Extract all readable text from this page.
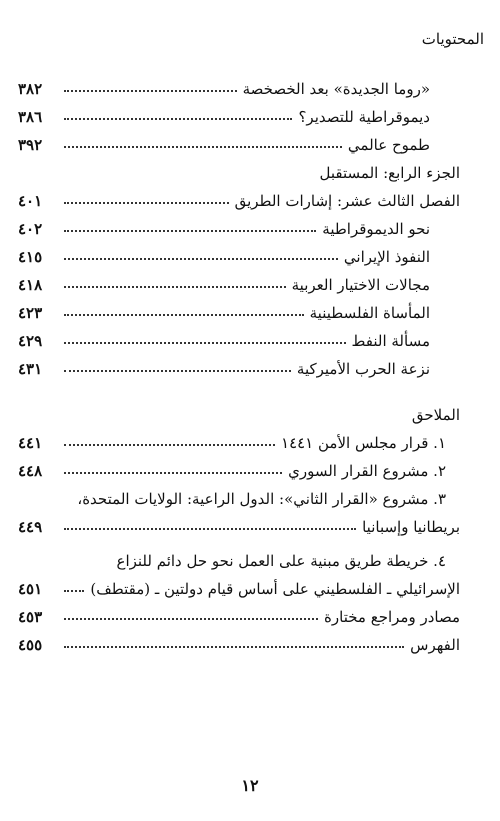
المحتويات
«روما الجديدة» بعد الخصخصة
٣٨٢
ديموقراطية للتصدير؟
٣٨٦
طموح عالمي
٣٩٢
الجزء الرابع: المستقبل
الفصل الثالث عشر: إشارات الطريق
٤٠١
نحو الديموقراطية
٤٠٢
النفوذ الإيراني
٤١٥
مجالات الاختيار العربية
٤١٨
المأساة الفلسطينية
٤٢٣
مسألة النفط
٤٢٩
نزعة الحرب الأميركية
٤٣١
الملاحق
١. قرار مجلس الأمن ١٤٤١
٤٤١
٢. مشروع القرار السوري
٤٤٨
٣. مشروع «القرار الثاني»: الدول الراعية: الولايات المتحدة،
بريطانيا وإسبانيا
٤٤٩
٤. خريطة طريق مبنية على العمل نحو حل دائم للنزاع
الإسرائيلي ـ الفلسطيني على أساس قيام دولتين ـ (مقتطف)
٤٥١
مصادر ومراجع مختارة
٤٥٣
الفهرس
٤٥٥
١٢
